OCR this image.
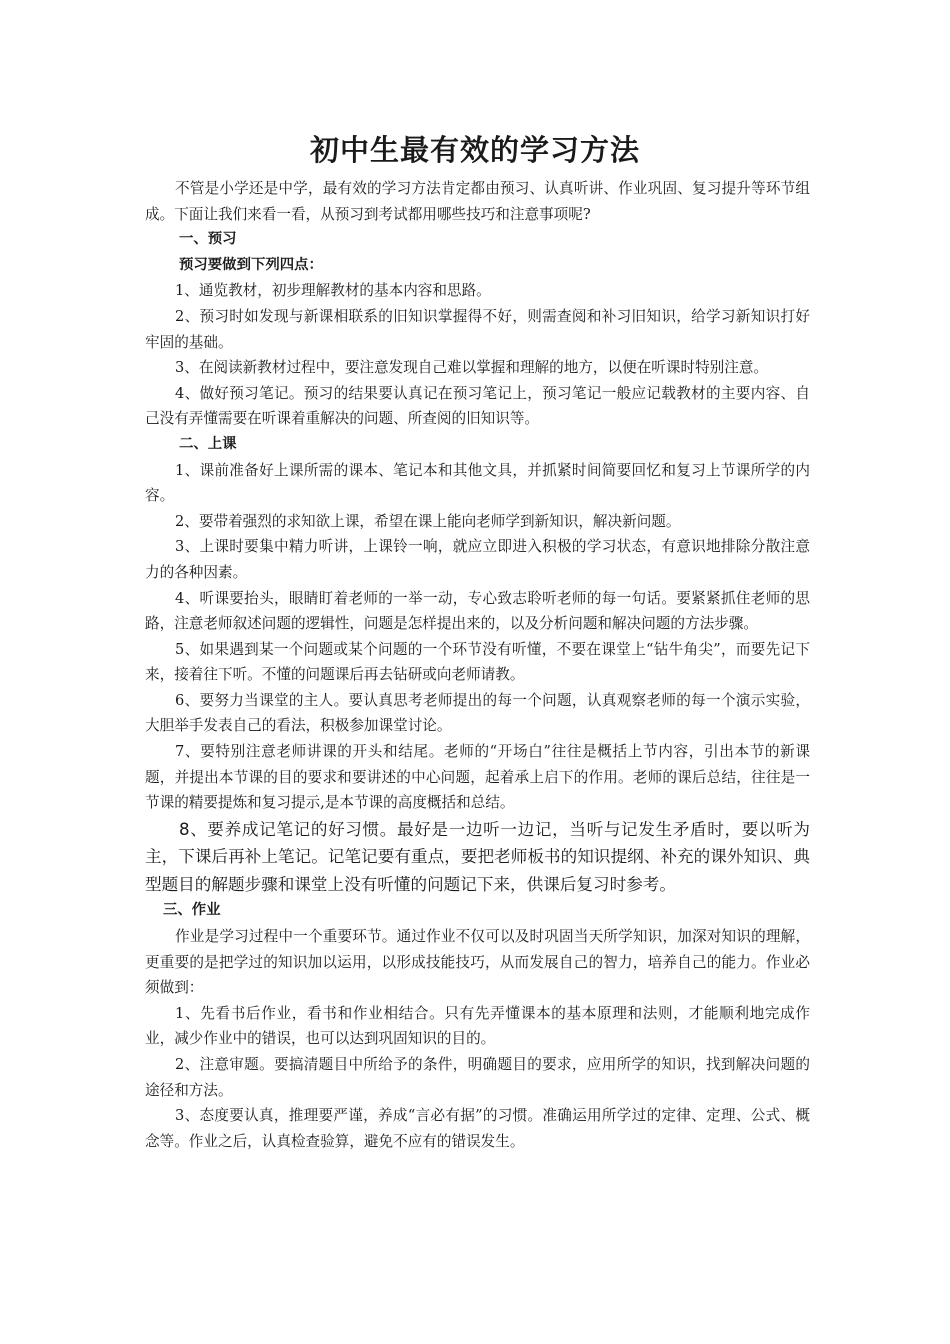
初中生最有效的学习方法

不管是小学还是中学，最有效的学习方法肯定都由预习、认真听讲、作业巩固、复习提升等环节组成。下面让我们来看一看，从预习到考试都用哪些技巧和注意事项呢?

一、预习

预习要做到下列四点：

1、通览教材，初步理解教材的基本内容和思路。

2、预习时如发现与新课相联系的旧知识掌握得不好，则需查阅和补习旧知识，给学习新知识打好牢固的基础。

3、在阅读新教材过程中，要注意发现自己难以掌握和理解的地方，以便在听课时特别注意。

4、做好预习笔记。预习的结果要认真记在预习笔记上，预习笔记一般应记载教材的主要内容、自己没有弄懂需要在听课着重解决的问题、所查阅的旧知识等。

二、上课

1、课前准备好上课所需的课本、笔记本和其他文具，并抓紧时间简要回忆和复习上节课所学的内容。

2、要带着强烈的求知欲上课，希望在课上能向老师学到新知识，解决新问题。

3、上课时要集中精力听讲，上课铃一响，就应立即进入积极的学习状态，有意识地排除分散注意力的各种因素。

4、听课要抬头，眼睛盯着老师的一举一动，专心致志聆听老师的每一句话。要紧紧抓住老师的思路，注意老师叙述问题的逻辑性，问题是怎样提出来的，以及分析问题和解决问题的方法步骤。

5、如果遇到某一个问题或某个问题的一个环节没有听懂，不要在课堂上“钻牛角尖”，而要先记下来，接着往下听。不懂的问题课后再去钻研或向老师请教。

6、要努力当课堂的主人。要认真思考老师提出的每一个问题，认真观察老师的每一个演示实验，大胆举手发表自己的看法，积极参加课堂讨论。

7、要特别注意老师讲课的开头和结尾。老师的“开场白”往往是概括上节内容，引出本节的新课题，并提出本节课的目的要求和要讲述的中心问题，起着承上启下的作用。老师的课后总结，往往是一节课的精要提炼和复习提示,是本节课的高度概括和总结。

8、要养成记笔记的好习惯。最好是一边听一边记，当听与记发生矛盾时，要以听为主，下课后再补上笔记。记笔记要有重点，要把老师板书的知识提纲、补充的课外知识、典型题目的解题步骤和课堂上没有听懂的问题记下来，供课后复习时参考。

三、作业

作业是学习过程中一个重要环节。通过作业不仅可以及时巩固当天所学知识，加深对知识的理解，更重要的是把学过的知识加以运用，以形成技能技巧，从而发展自己的智力，培养自己的能力。作业必须做到：

1、先看书后作业，看书和作业相结合。只有先弄懂课本的基本原理和法则，才能顺利地完成作业，减少作业中的错误，也可以达到巩固知识的目的。

2、注意审题。要搞清题目中所给予的条件，明确题目的要求，应用所学的知识，找到解决问题的途径和方法。

3、态度要认真，推理要严谨，养成“言必有据”的习惯。准确运用所学过的定律、定理、公式、概念等。作业之后，认真检查验算，避免不应有的错误发生。
